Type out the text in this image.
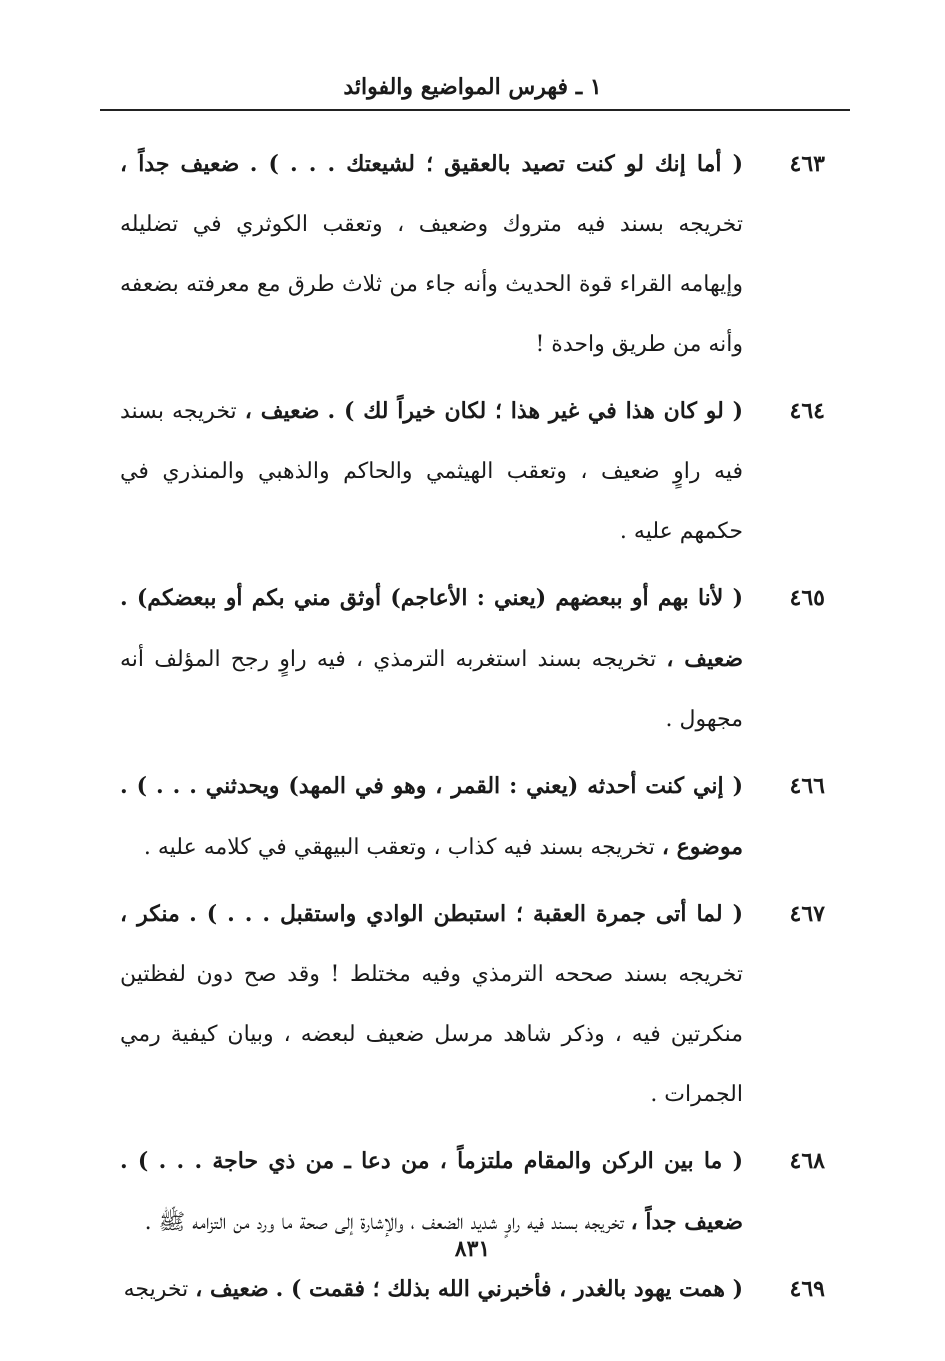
١ ـ فهرس المواضيع والفوائد
٤٦٣
( أما إنك لو كنت تصيد بالعقيق ؛ لشيعتك . . . ) . ضعيف جداً ، تخريجه بسند فيه متروك وضعيف ، وتعقب الكوثري في تضليله وإيهامه القراء قوة الحديث وأنه جاء من ثلاث طرق مع معرفته بضعفه وأنه من طريق واحدة !
٤٦٤
( لو كان هذا في غير هذا ؛ لكان خيراً لك ) . ضعيف ، تخريجه بسند فيه راوٍ ضعيف ، وتعقب الهيثمي والحاكم والذهبي والمنذري في حكمهم عليه .
٤٦٥
( لأنا بهم أو ببعضهم (يعني : الأعاجم) أوثق مني بكم أو ببعضكم) . ضعيف ، تخريجه بسند استغربه الترمذي ، فيه راوٍ رجح المؤلف أنه مجهول .
٤٦٦
( إني كنت أحدثه (يعني : القمر ، وهو في المهد) ويحدثني . . . ) . موضوع ، تخريجه بسند فيه كذاب ، وتعقب البيهقي في كلامه عليه .
٤٦٧
( لما أتى جمرة العقبة ؛ استبطن الوادي واستقبل . . . ) . منكر ، تخريجه بسند صححه الترمذي وفيه مختلط ! وقد صح دون لفظتين منكرتين فيه ، وذكر شاهد مرسل ضعيف لبعضه ، وبيان كيفية رمي الجمرات .
٤٦٨
( ما بين الركن والمقام ملتزماً ، من دعا ـ من ذي حاجة . . . ) . ضعيف جداً ، تخريجه بسند فيه راوٍ شديد الضعف ، والإشارة إلى صحة ما ورد من التزامه ﷺ .
٤٦٩
( همت يهود بالغدر ، فأخبرني الله بذلك ؛ فقمت ) . ضعيف ، تخريجه
٨٣١
